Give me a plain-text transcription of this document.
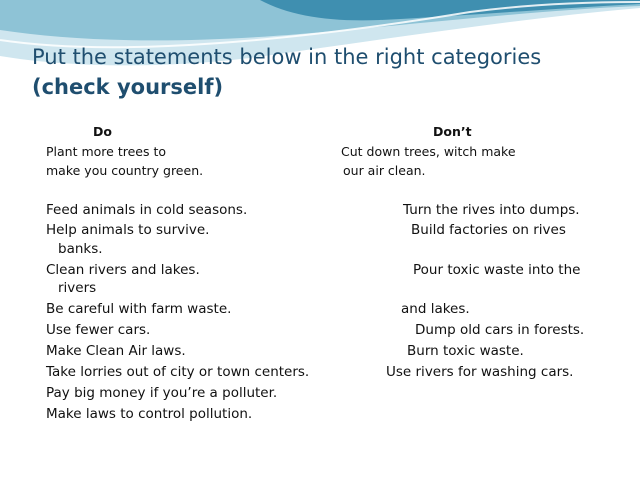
Put the statements below in the right categories (check yourself)
Do	Don’t
Plant more trees to
make you country green.
Cut down trees, witch make
our air clean.
Feed animals in cold seasons.
Help animals to survive.
banks.
Clean rivers and lakes.
rivers
Be careful with farm waste.
Use fewer cars.
Make Clean Air laws.
Take lorries out of city or town centers.
Pay big money if you’re a polluter.
Make laws to control pollution.
Turn the rives into dumps.
Build factories on rives
Pour toxic waste into the
and lakes.
Dump old cars in forests.
Burn toxic waste.
Use rivers for washing cars.
